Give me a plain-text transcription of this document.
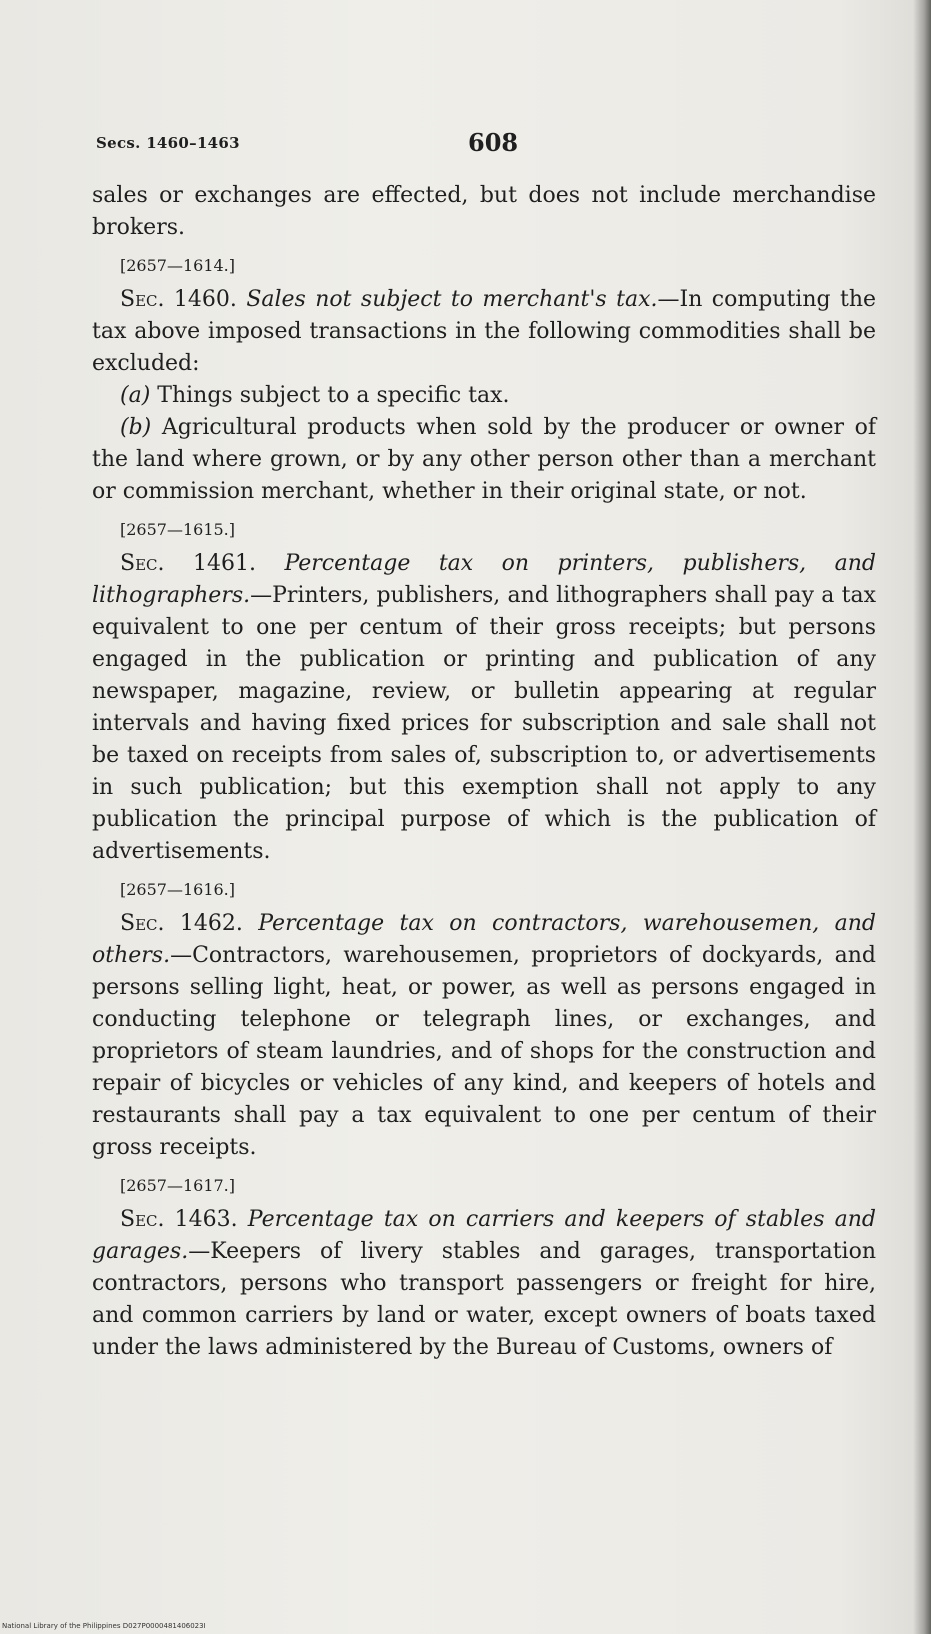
Secs. 1460–1463	608

sales or exchanges are effected, but does not include merchandise brokers.

[2657—1614.]

Sec. 1460. Sales not subject to merchant's tax.—In computing the tax above imposed transactions in the following commodities shall be excluded:

(a) Things subject to a specific tax.

(b) Agricultural products when sold by the producer or owner of the land where grown, or by any other person other than a merchant or commission merchant, whether in their original state, or not.

[2657—1615.]

Sec. 1461. Percentage tax on printers, publishers, and lithographers.—Printers, publishers, and lithographers shall pay a tax equivalent to one per centum of their gross receipts; but persons engaged in the publication or printing and publication of any newspaper, magazine, review, or bulletin appearing at regular intervals and having fixed prices for subscription and sale shall not be taxed on receipts from sales of, subscription to, or advertisements in such publication; but this exemption shall not apply to any publication the principal purpose of which is the publication of advertisements.

[2657—1616.]

Sec. 1462. Percentage tax on contractors, warehousemen, and others.—Contractors, warehousemen, proprietors of dockyards, and persons selling light, heat, or power, as well as persons engaged in conducting telephone or telegraph lines, or exchanges, and proprietors of steam laundries, and of shops for the construction and repair of bicycles or vehicles of any kind, and keepers of hotels and restaurants shall pay a tax equivalent to one per centum of their gross receipts.

[2657—1617.]

Sec. 1463. Percentage tax on carriers and keepers of stables and garages.—Keepers of livery stables and garages, transportation contractors, persons who transport passengers or freight for hire, and common carriers by land or water, except owners of boats taxed under the laws administered by the Bureau of Customs, owners of

National Library of the Philippines D027P0000481406023I
